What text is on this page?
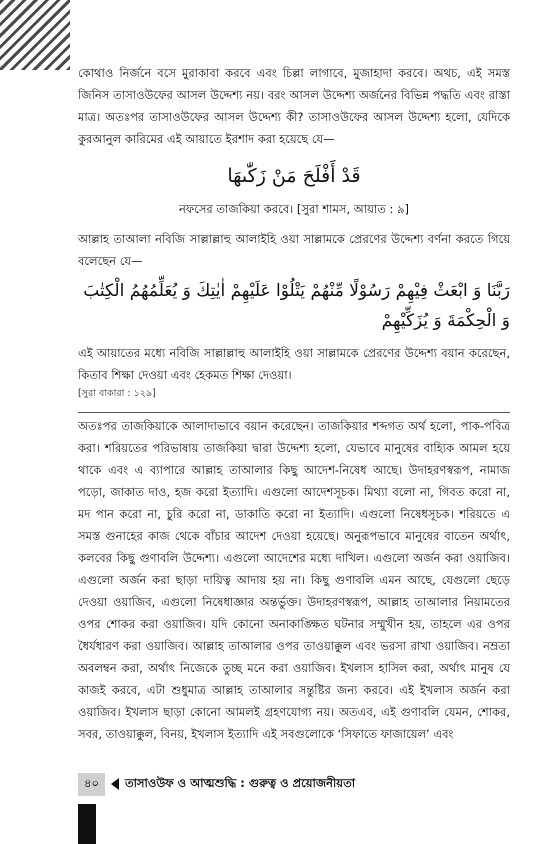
কোথাও নির্জনে বসে মুরাকাবা করবে এবং চিল্লা লাগাবে, মুজাহাদা করবে। অথচ, এই সমস্ত জিনিস তাসাওউফের আসল উদ্দেশ্য নয়। বরং আসল উদ্দেশ্য অর্জনের বিভিন্ন পদ্ধতি এবং রাস্তা মাত্র। অতঃপর তাসাওউফের আসল উদ্দেশ্য কী? তাসাওউফের আসল উদ্দেশ্য হলো, যেদিকে কুরআনুল কারিমের এই আয়াতে ইরশাদ করা হয়েছে যে—

قَدْ أَفْلَحَ مَنْ زَكّٰىهَا

নফসের তাজকিয়া করবে। [সুরা শামস, আয়াত : ৯]

আল্লাহ তাআলা নবিজি সাল্লাল্লাহু আলাইহি ওয়া সাল্লামকে প্রেরণের উদ্দেশ্য বর্ণনা করতে গিয়ে বলেছেন যে—

رَبَّنَا وَ ابْعَثْ فِيْهِمْ رَسُوْلًا مِّنْهُمْ يَتْلُوْا عَلَيْهِمْ اٰيٰتِكَ وَ يُعَلِّمُهُمُ الْكِتٰبَ وَ الْحِكْمَةَ وَ يُزَكِّيْهِمْ

এই আয়াতের মধ্যে নবিজি সাল্লাল্লাহু আলাইহি ওয়া সাল্লামকে প্রেরণের উদ্দেশ্য বয়ান করেছেন, কিতাব শিক্ষা দেওয়া এবং হেকমত শিক্ষা দেওয়া।

[সুরা বাকারা : ১২৯]

অতঃপর তাজকিয়াকে আলাদাভাবে বয়ান করেছেন। তাজকিয়ার শব্দগত অর্থ হলো, পাক-পবিত্র করা। শরিয়তের পরিভাষায় তাজকিয়া দ্বারা উদ্দেশ্য হলো, যেভাবে মানুষের বাহ্যিক আমল হয়ে থাকে এবং এ ব্যাপারে আল্লাহ তাআলার কিছু আদেশ-নিষেধ আছে। উদাহরণস্বরূপ, নামাজ পড়ো, জাকাত দাও, হজ করো ইত্যাদি। এগুলো আদেশসূচক। মিথ্যা বলো না, গিবত করো না, মদ পান করো না, চুরি করো না, ডাকাতি করো না ইত্যাদি। এগুলো নিষেধসূচক। শরিয়তে এ সমস্ত গুনাহের কাজ থেকে বাঁচার আদেশ দেওয়া হয়েছে। অনুরূপভাবে মানুষের বাতেন অর্থাৎ, কলবের কিছু গুণাবলি উদ্দেশ্য। এগুলো আদেশের মধ্যে দাখিল। এগুলো অর্জন করা ওয়াজিব। এগুলো অর্জন করা ছাড়া দায়িত্ব আদায় হয় না। কিছু গুণাবলি এমন আছে, যেগুলো ছেড়ে দেওয়া ওয়াজিব, এগুলো নিষেধাজ্ঞার অন্তর্ভুক্ত। উদাহরণস্বরূপ, আল্লাহ তাআলার নিয়ামতের ওপর শোকর করা ওয়াজিব। যদি কোনো অনাকাঙ্ক্ষিত ঘটনার সম্মুখীন হয়, তাহলে এর ওপর ধৈর্যধারণ করা ওয়াজিব। আল্লাহ তাআলার ওপর তাওয়াক্কুল এবং ভরসা রাখা ওয়াজিব। নম্রতা অবলম্বন করা, অর্থাৎ নিজেকে তুচ্ছ মনে করা ওয়াজিব। ইখলাস হাসিল করা, অর্থাৎ মানুষ যে কাজই করবে, এটা শুধুমাত্র আল্লাহ তাআলার সন্তুষ্টির জন্য করবে। এই ইখলাস অর্জন করা ওয়াজিব। ইখলাস ছাড়া কোনো আমলই গ্রহণযোগ্য নয়। অতএব, এই গুণাবলি যেমন, শোকর, সবর, তাওয়াক্কুল, বিনয়, ইখলাস ইত্যাদি এই সবগুলোকে ‘সিফাতে ফাজায়েল’ এবং

৪০	তাসাওউফ ও আত্মশুদ্ধি : গুরুত্ব ও প্রয়োজনীয়তা
